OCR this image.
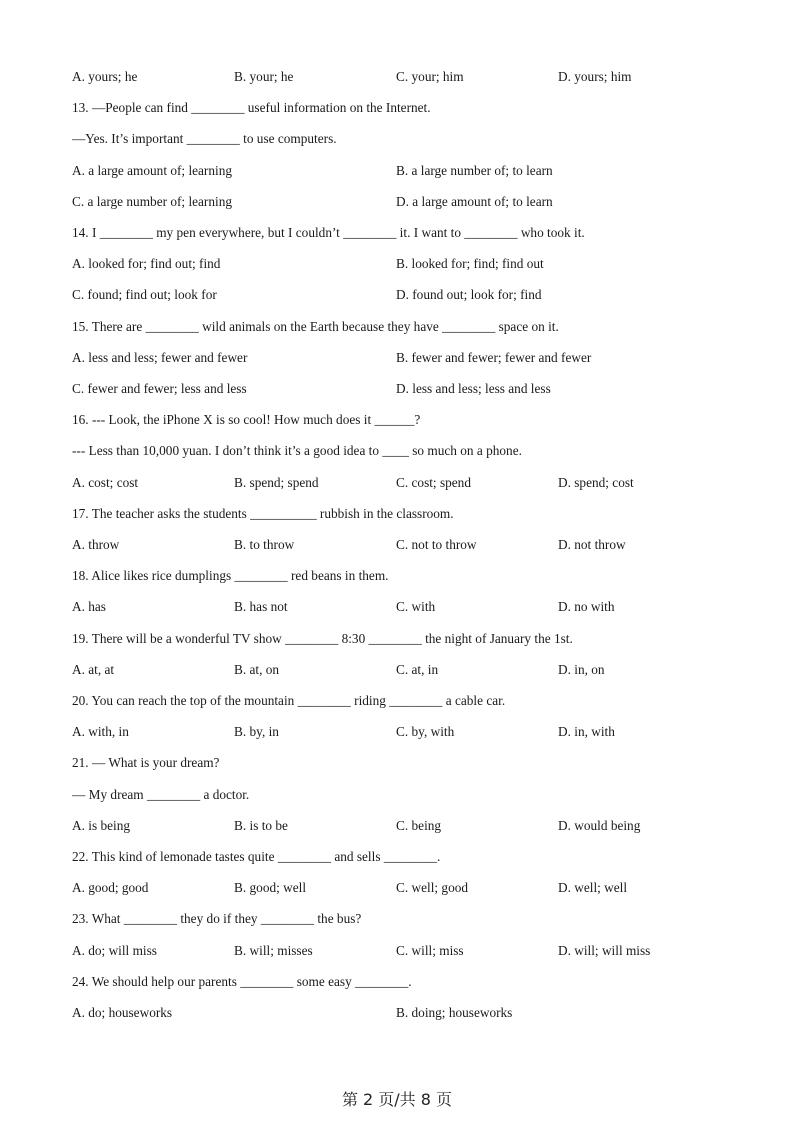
A. yours; he	B. your; he	C. your; him	D. yours; him
13. —People can find ________ useful information on the Internet.
—Yes. It’s important ________ to use computers.
A. a large amount of; learning	B. a large number of; to learn
C. a large number of; learning	D. a large amount of; to learn
14. I ________ my pen everywhere, but I couldn’t ________ it. I want to ________ who took it.
A. looked for; find out; find	B. looked for; find; find out
C. found; find out; look for	D. found out; look for; find
15. There are ________ wild animals on the Earth because they have ________ space on it.
A. less and less; fewer and fewer	B. fewer and fewer; fewer and fewer
C. fewer and fewer; less and less	D. less and less; less and less
16. --- Look, the iPhone X is so cool! How much does it ______?
--- Less than 10,000 yuan. I don’t think it’s a good idea to ____ so much on a phone.
A. cost; cost	B. spend; spend	C. cost; spend	D. spend; cost
17. The teacher asks the students __________ rubbish in the classroom.
A. throw	B. to throw	C. not to throw	D. not throw
18. Alice likes rice dumplings ________ red beans in them.
A. has	B. has not	C. with	D. no with
19. There will be a wonderful TV show ________ 8:30 ________ the night of January the 1st.
A. at, at	B. at, on	C. at, in	D. in, on
20. You can reach the top of the mountain ________ riding ________ a cable car.
A. with, in	B. by, in	C. by, with	D. in, with
21. — What is your dream?
— My dream ________ a doctor.
A. is being	B. is to be	C. being	D. would being
22. This kind of lemonade tastes quite ________ and sells ________.
A. good; good	B. good; well	C. well; good	D. well; well
23. What ________ they do if they ________ the bus?
A. do; will miss	B. will; misses	C. will; miss	D. will; will miss
24. We should help our parents ________ some easy ________.
A. do; houseworks	B. doing; houseworks
第 2 页/共 8 页
